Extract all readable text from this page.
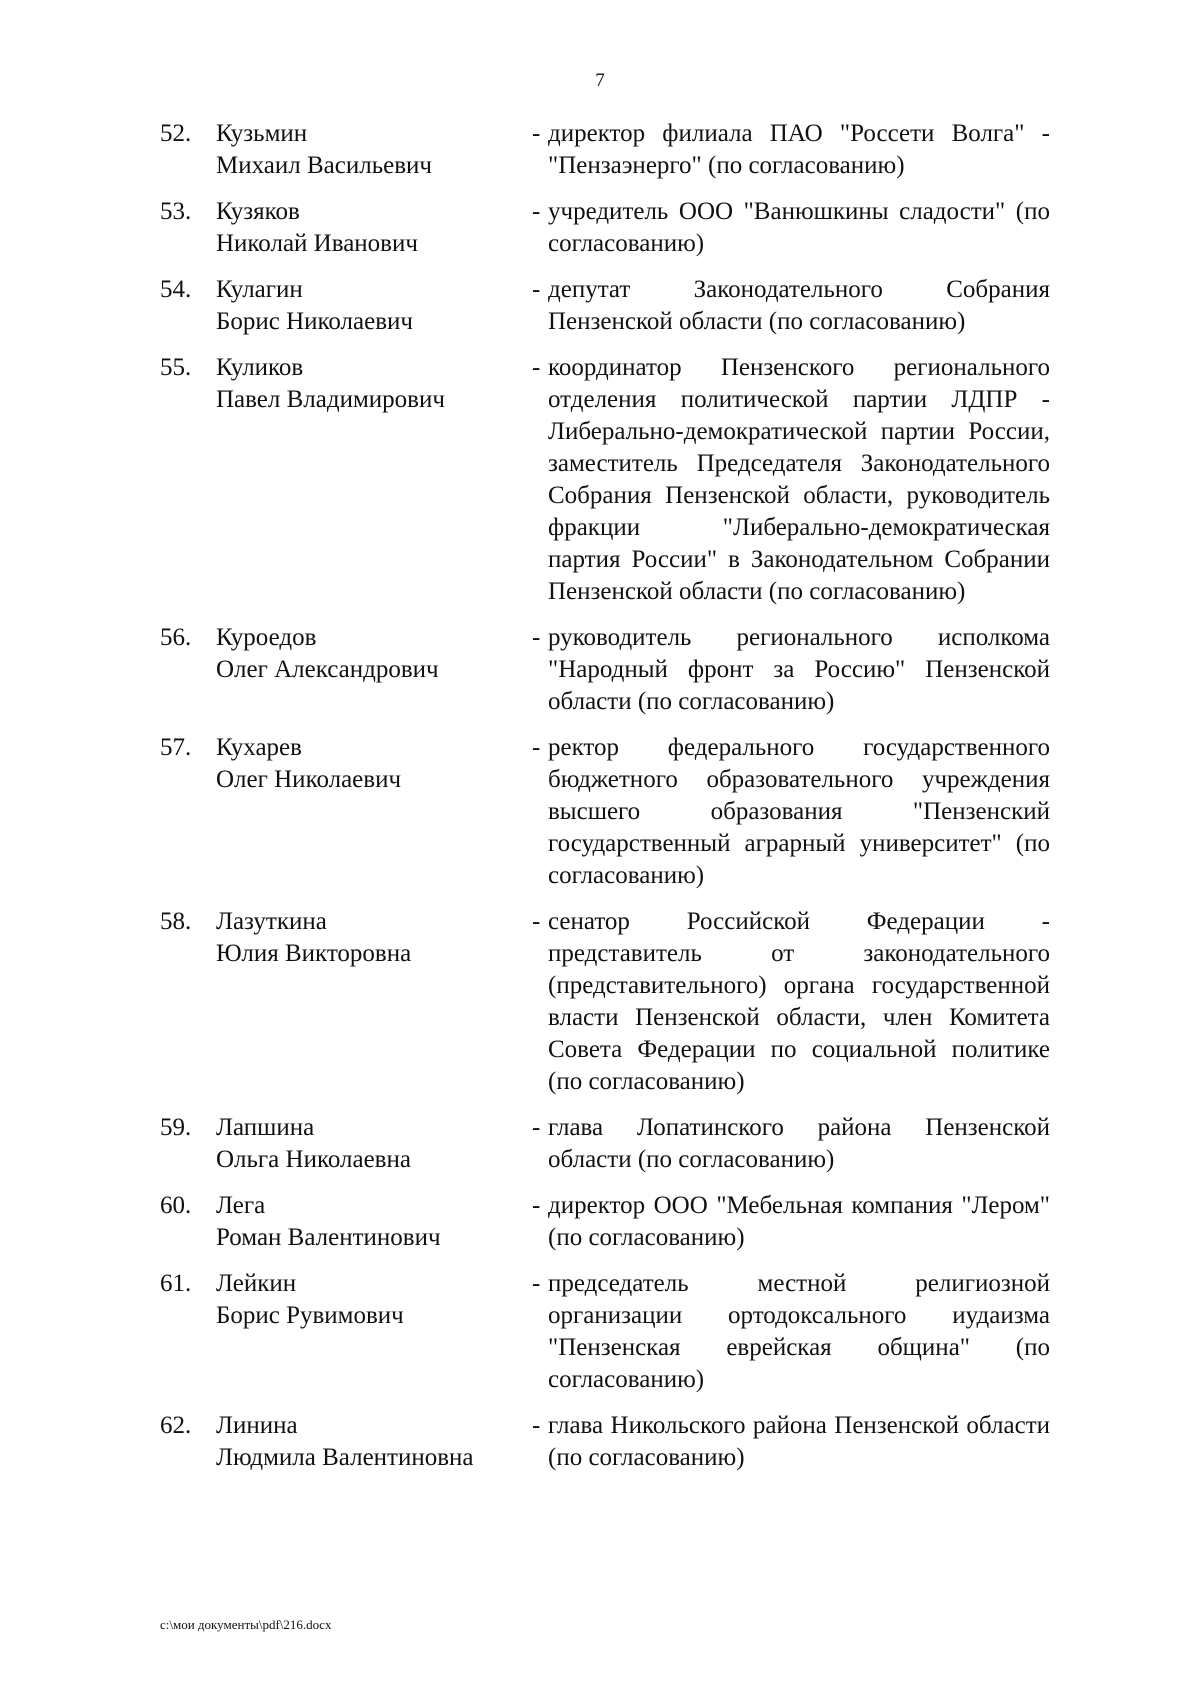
7
52. Кузьмин
Михаил Васильевич
- директор филиала ПАО "Россети Волга" - "Пензаэнерго" (по согласованию)
53. Кузяков
Николай Иванович
- учредитель ООО "Ванюшкины сладости" (по согласованию)
54. Кулагин
Борис Николаевич
- депутат Законодательного Собрания Пензенской области (по согласованию)
55. Куликов
Павел Владимирович
- координатор Пензенского регионального отделения политической партии ЛДПР - Либерально-демократической партии России, заместитель Председателя Законодательного Собрания Пензенской области, руководитель фракции "Либерально-демократическая партия России" в Законодательном Собрании Пензенской области (по согласованию)
56. Куроедов
Олег Александрович
- руководитель регионального исполкома "Народный фронт за Россию" Пензенской области (по согласованию)
57. Кухарев
Олег Николаевич
- ректор федерального государственного бюджетного образовательного учреждения высшего образования "Пензенский государственный аграрный университет" (по согласованию)
58. Лазуткина
Юлия Викторовна
- сенатор Российской Федерации - представитель от законодательного (представительного) органа государственной власти Пензенской области, член Комитета Совета Федерации по социальной политике (по согласованию)
59. Лапшина
Ольга Николаевна
- глава Лопатинского района Пензенской области (по согласованию)
60. Лега
Роман Валентинович
- директор ООО "Мебельная компания "Лером" (по согласованию)
61. Лейкин
Борис Рувимович
- председатель местной религиозной организации ортодоксального иудаизма "Пензенская еврейская община" (по согласованию)
62. Линина
Людмила Валентиновна
- глава Никольского района Пензенской области (по согласованию)
c:\мои документы\pdf\216.docx
